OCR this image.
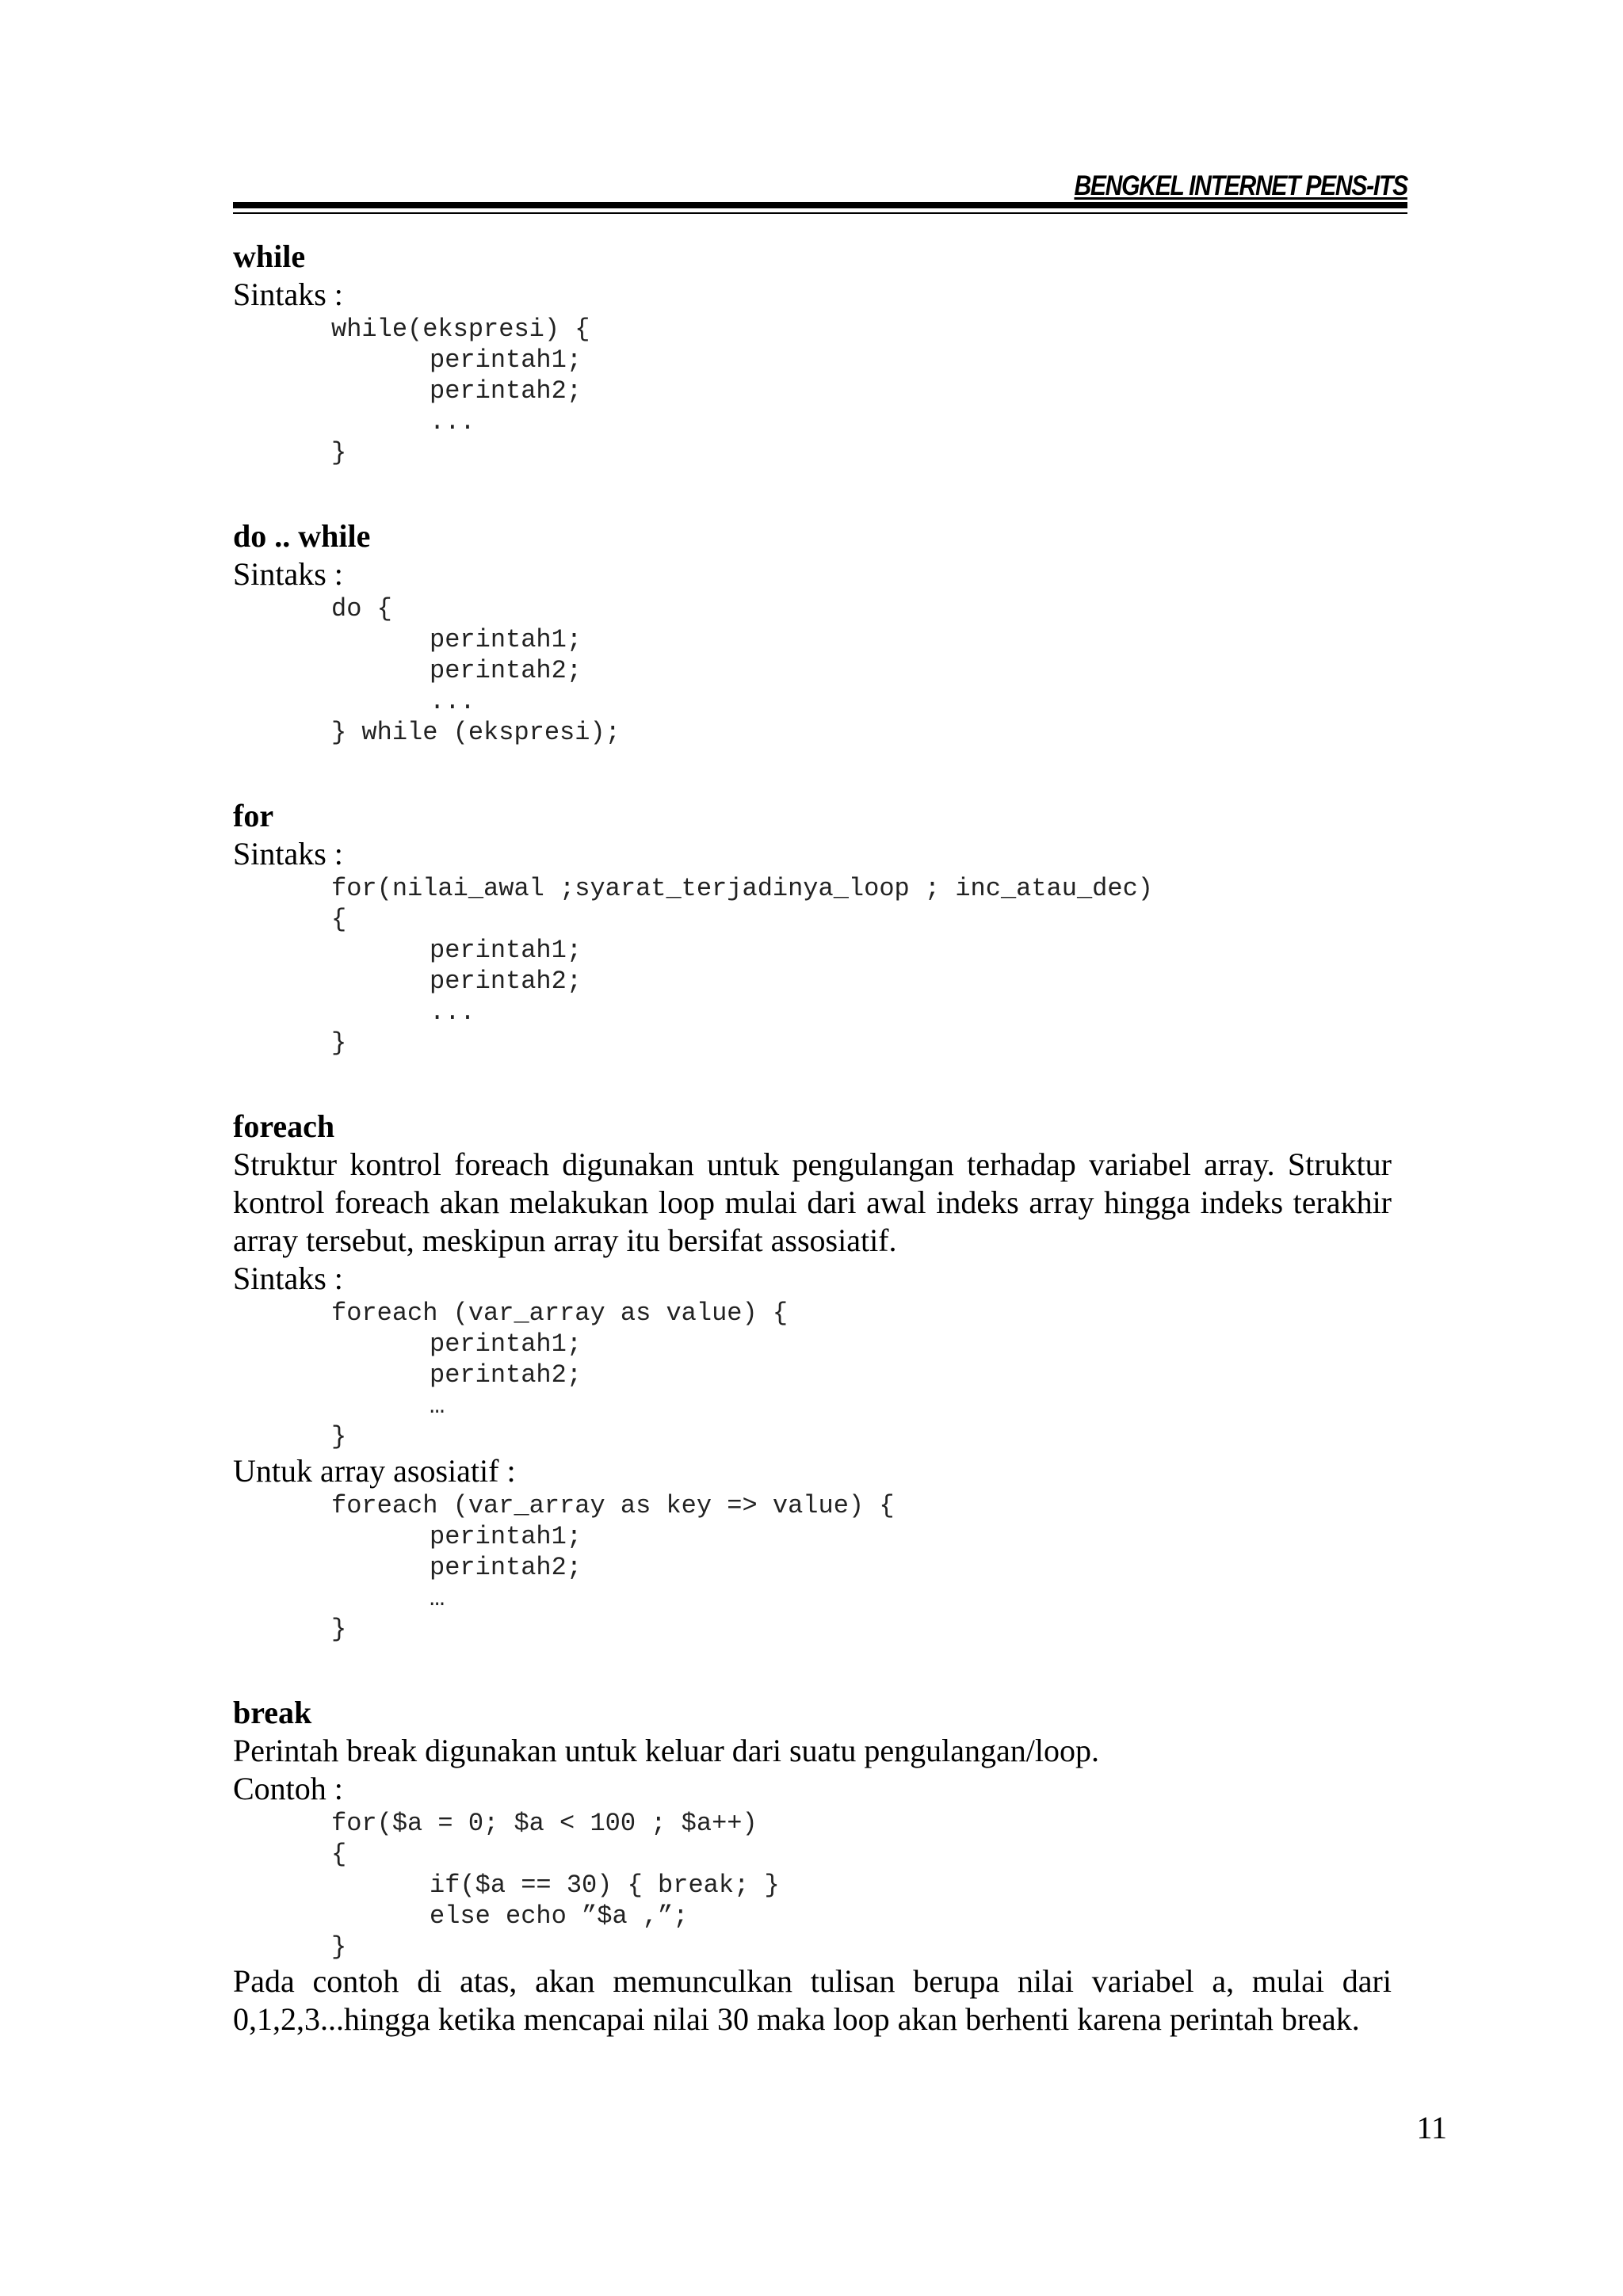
BENGKEL INTERNET PENS-ITS

while

Sintaks :

while(ekspresi) {
perintah1;
perintah2;
...
}

do .. while

Sintaks :

do {
perintah1;
perintah2;
...
} while (ekspresi);

for

Sintaks :

for(nilai_awal ;syarat_terjadinya_loop ; inc_atau_dec)
{
perintah1;
perintah2;
...
}

foreach

Struktur kontrol foreach digunakan untuk pengulangan terhadap variabel array. Struktur kontrol foreach akan melakukan loop mulai dari awal indeks array hingga indeks terakhir array tersebut, meskipun array itu bersifat assosiatif.

Sintaks :

foreach (var_array as value) {
perintah1;
perintah2;
…
}

Untuk array asosiatif :

foreach (var_array as key => value) {
perintah1;
perintah2;
…
}

break

Perintah break digunakan untuk keluar dari suatu pengulangan/loop.

Contoh :

for($a = 0; $a < 100 ; $a++)
{
if($a == 30) { break; }
else echo ”$a ,”;
}

Pada contoh di atas, akan memunculkan tulisan berupa nilai variabel a, mulai dari 0,1,2,3...hingga ketika mencapai nilai 30 maka loop akan berhenti karena perintah break.

11
